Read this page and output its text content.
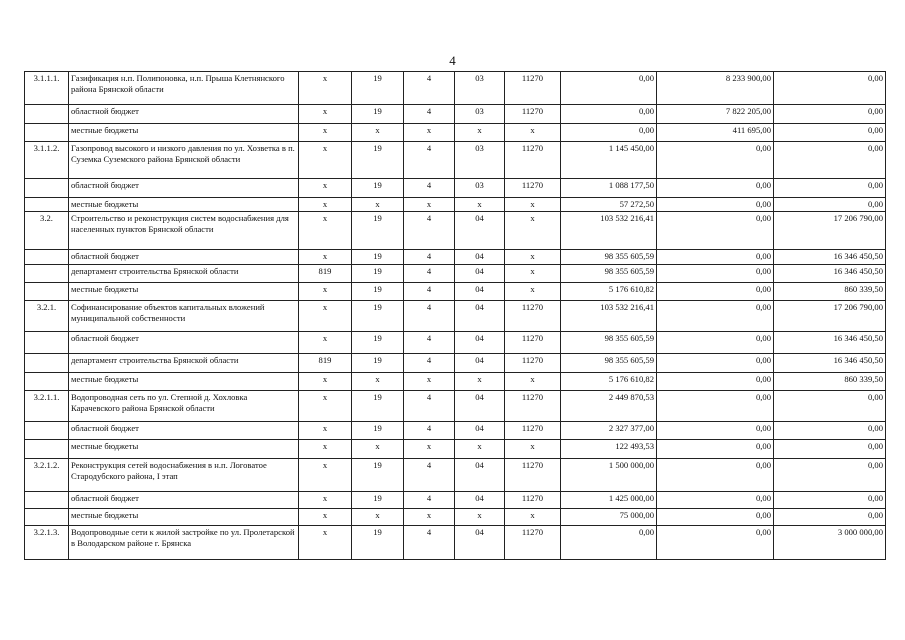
4
3.1.1.1.	Газификация н.п. Полипоновка, н.п. Прыша Клетнянского района Брянской области	х	19	4	03	11270	0,00	8 233 900,00	0,00
	областной бюджет	х	19	4	03	11270	0,00	7 822 205,00	0,00
	местные бюджеты	х	х	х	х	х	0,00	411 695,00	0,00
3.1.1.2.	Газопровод высокого и низкого давления по ул. Хозветка в п. Суземка Суземского района Брянской области	х	19	4	03	11270	1 145 450,00	0,00	0,00
	областной бюджет	х	19	4	03	11270	1 088 177,50	0,00	0,00
	местные бюджеты	х	х	х	х	х	57 272,50	0,00	0,00
3.2.	Строительство и реконструкция систем водоснабжения для населенных пунктов Брянской области	х	19	4	04	х	103 532 216,41	0,00	17 206 790,00
	областной бюджет	х	19	4	04	х	98 355 605,59	0,00	16 346 450,50
	департамент строительства Брянской области	819	19	4	04	х	98 355 605,59	0,00	16 346 450,50
	местные бюджеты	х	19	4	04	х	5 176 610,82	0,00	860 339,50
3.2.1.	Софинансирование объектов капитальных вложений муниципальной собственности	х	19	4	04	11270	103 532 216,41	0,00	17 206 790,00
	областной бюджет	х	19	4	04	11270	98 355 605,59	0,00	16 346 450,50
	департамент строительства Брянской области	819	19	4	04	11270	98 355 605,59	0,00	16 346 450,50
	местные бюджеты	х	х	х	х	х	5 176 610,82	0,00	860 339,50
3.2.1.1.	Водопроводная сеть по ул. Степной д. Хохловка Карачевского района Брянской области	х	19	4	04	11270	2 449 870,53	0,00	0,00
	областной бюджет	х	19	4	04	11270	2 327 377,00	0,00	0,00
	местные бюджеты	х	х	х	х	х	122 493,53	0,00	0,00
3.2.1.2.	Реконструкция сетей водоснабжения в н.п. Логоватое Стародубского района, I этап	х	19	4	04	11270	1 500 000,00	0,00	0,00
	областной бюджет	х	19	4	04	11270	1 425 000,00	0,00	0,00
	местные бюджеты	х	х	х	х	х	75 000,00	0,00	0,00
3.2.1.3.	Водопроводные сети к жилой застройке по ул. Пролетарской в Володарском районе г. Брянска	х	19	4	04	11270	0,00	0,00	3 000 000,00
